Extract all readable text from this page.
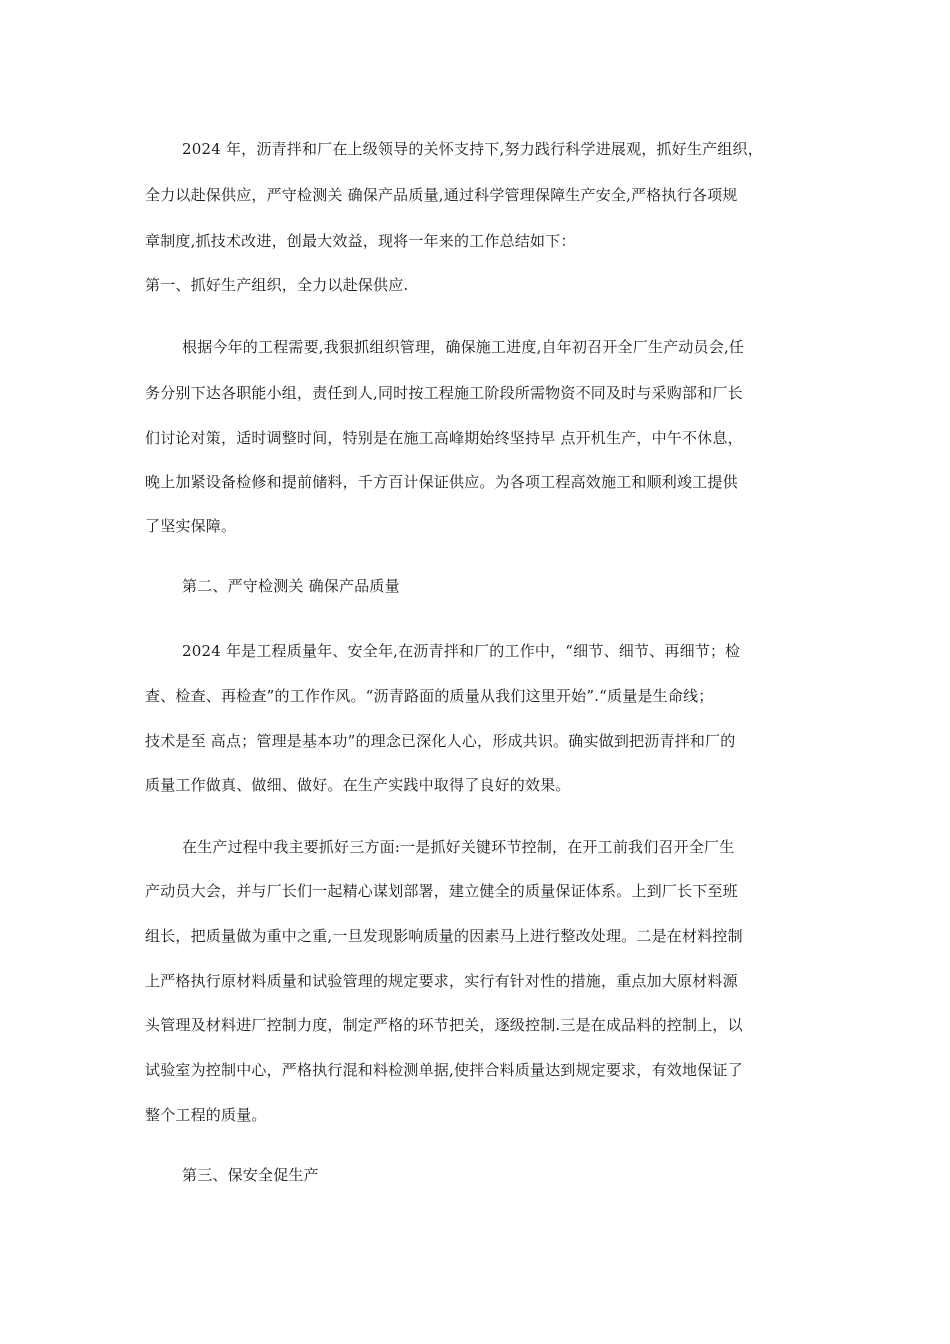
2024 年，沥青拌和厂在上级领导的关怀支持下,努力践行科学进展观，抓好生产组织，
全力以赴保供应，严守检测关 确保产品质量,通过科学管理保障生产安全,严格执行各项规
章制度,抓技术改进，创最大效益，现将一年来的工作总结如下：
第一、抓好生产组织，全力以赴保供应.
根据今年的工程需要,我狠抓组织管理，确保施工进度,自年初召开全厂生产动员会,任
务分别下达各职能小组，责任到人,同时按工程施工阶段所需物资不同及时与采购部和厂长
们讨论对策，适时调整时间，特别是在施工高峰期始终坚持早 点开机生产，中午不休息，
晚上加紧设备检修和提前储料，千方百计保证供应。为各项工程高效施工和顺利竣工提供
了坚实保障。
第二、严守检测关 确保产品质量
2024 年是工程质量年、安全年,在沥青拌和厂的工作中，“细节、细节、再细节；检
查、检查、再检查”的工作作风。“沥青路面的质量从我们这里开始”.“质量是生命线；
技术是至 高点；管理是基本功”的理念已深化人心，形成共识。确实做到把沥青拌和厂的
质量工作做真、做细、做好。在生产实践中取得了良好的效果。
在生产过程中我主要抓好三方面:一是抓好关键环节控制，在开工前我们召开全厂生
产动员大会，并与厂长们一起精心谋划部署，建立健全的质量保证体系。上到厂长下至班
组长，把质量做为重中之重,一旦发现影响质量的因素马上进行整改处理。二是在材料控制
上严格执行原材料质量和试验管理的规定要求，实行有针对性的措施，重点加大原材料源
头管理及材料进厂控制力度，制定严格的环节把关，逐级控制.三是在成品料的控制上，以
试验室为控制中心，严格执行混和料检测单据,使拌合料质量达到规定要求，有效地保证了
整个工程的质量。
第三、保安全促生产
